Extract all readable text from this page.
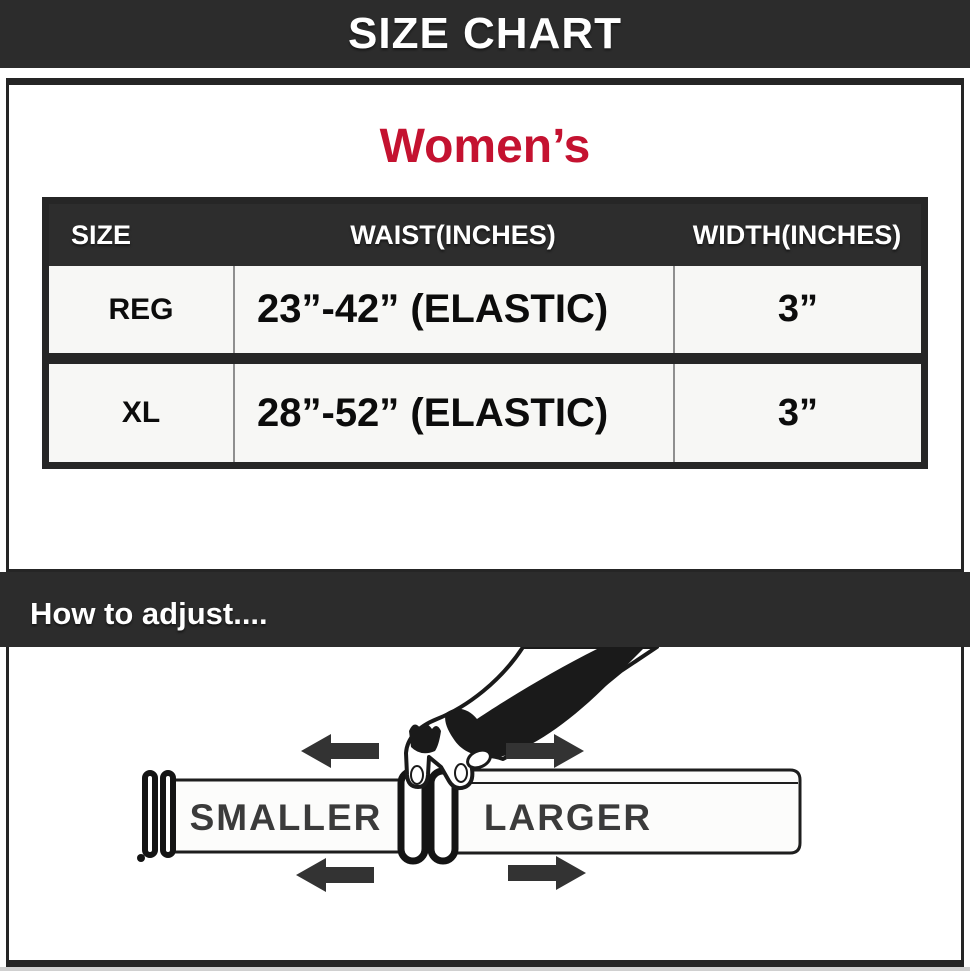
SIZE CHART
Women’s
SIZE	WAIST(INCHES)	WIDTH(INCHES)
REG	23”-42” (ELASTIC)	3”
XL	28”-52” (ELASTIC)	3”
How to adjust....
SMALLER	LARGER
